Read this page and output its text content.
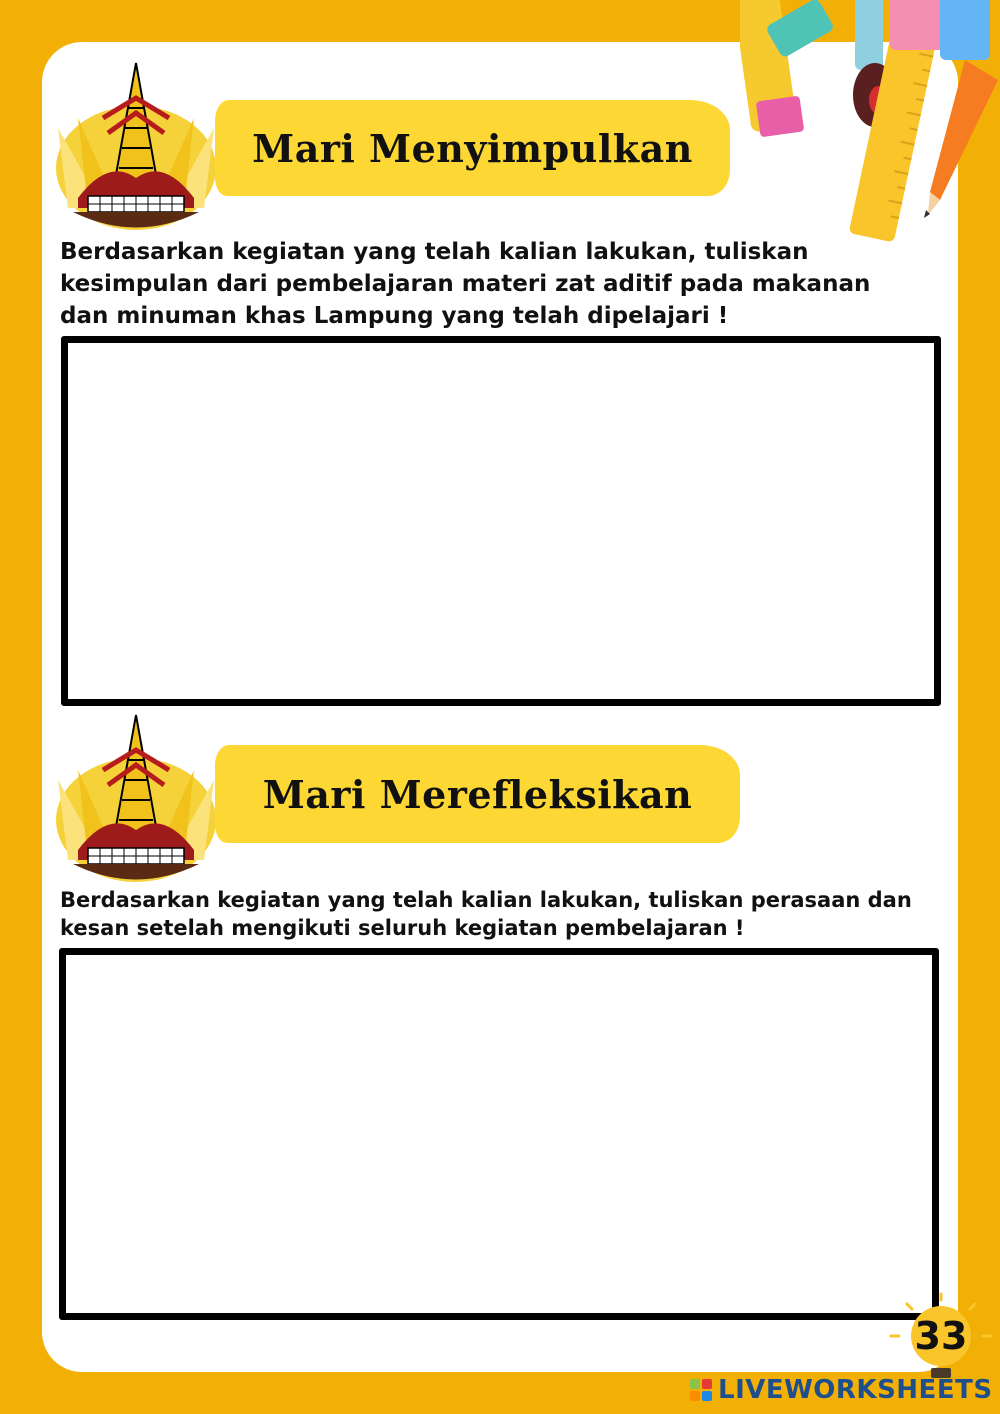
Mari Menyimpulkan

Berdasarkan kegiatan yang telah kalian lakukan, tuliskan
kesimpulan dari pembelajaran materi zat aditif pada makanan
dan minuman khas Lampung yang telah dipelajari !

Mari Merefleksikan

Berdasarkan kegiatan yang telah kalian lakukan, tuliskan perasaan dan
kesan setelah mengikuti seluruh kegiatan pembelajaran !

33
LIVEWORKSHEETS
